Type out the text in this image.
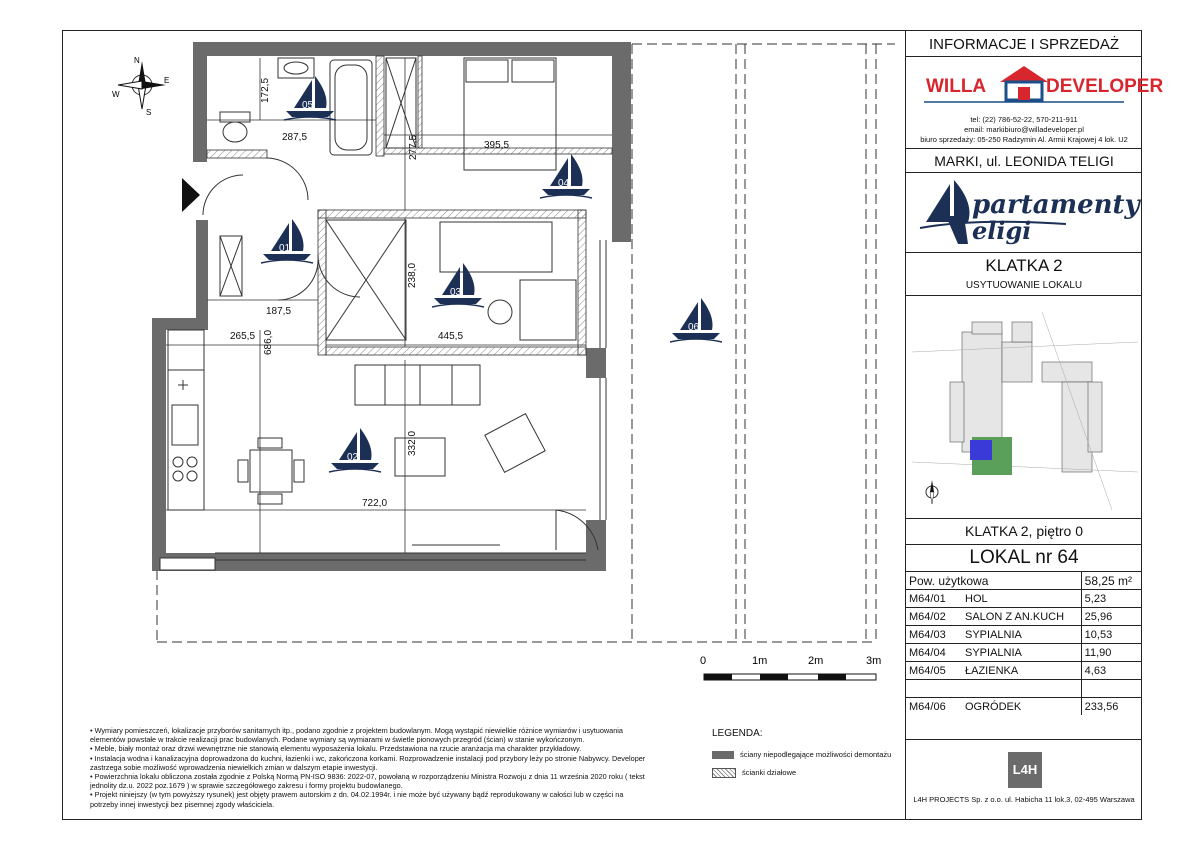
172,5
287,5
395,5
277,5
238,0
187,5
265,5	445,5
686,0
332,0
722,0
05
04
01
03
06
02
N
E
S
W
0	1m	2m	3m
• Wymiary pomieszczeń, lokalizacje przyborów sanitarnych itp., podano zgodnie z projektem budowlanym. Mogą wystąpić niewielkie różnice wymiarów i usytuowania
elementów powstałe w trakcie realizacji prac budowlanych. Podane wymiary są wymiarami w świetle pionowych przegród (ścian) w stanie wykończonym.
• Meble, biały montaż oraz drzwi wewnętrzne nie stanowią elementu wyposażenia lokalu. Przedstawiona na rzucie aranżacja ma charakter przykładowy.
• Instalacja wodna i kanalizacyjna doprowadzona do kuchni, łazienki i wc, zakończona korkami. Rozprowadzenie instalacji pod przybory leży po stronie Nabywcy. Developer
zastrzega sobie możliwość wprowadzenia niewielkich zmian w dalszym etapie inwestycji.
• Powierzchnia lokalu obliczona została zgodnie z Polską Normą PN-ISO 9836: 2022-07, powołaną w rozporządzeniu Ministra Rozwoju z dnia 11 września 2020 roku ( tekst
jednolity dz.u. 2022 poz.1679 ) w sprawie szczegółowego zakresu i formy projektu budowlanego.
• Projekt niniejszy (w tym powyższy rysunek) jest objęty prawem autorskim z dn. 04.02.1994r. i nie może być używany bądź reprodukowany w całości lub w części na
potrzeby innej inwestycji bez pisemnej zgody właściciela.
LEGENDA:
ściany niepodlegające możliwości demontażu
ścianki działowe
INFORMACJE I SPRZEDAŻ
WILLA	DEVELOPER
tel: (22) 786-52-22, 570-211-911
email: markibiuro@willadeveloper.pl
biuro sprzedaży: 05-250 Radzymin Al. Armii Krajowej 4 lok. U2
MARKI, ul. LEONIDA TELIGI
partamenty
eligi
KLATKA 2
USYTUOWANIE LOKALU
KLATKA 2, piętro 0
LOKAL nr 64
Pow. użytkowa		58,25 m²
M64/01	HOL	5,23
M64/02	SALON Z AN.KUCH	25,96
M64/03	SYPIALNIA	10,53
M64/04	SYPIALNIA	11,90
M64/05	ŁAZIENKA	4,63

M64/06	OGRÓDEK	233,56
L4H
L4H PROJECTS Sp. z o.o. ul. Habicha 11 lok.3, 02-495 Warszawa
